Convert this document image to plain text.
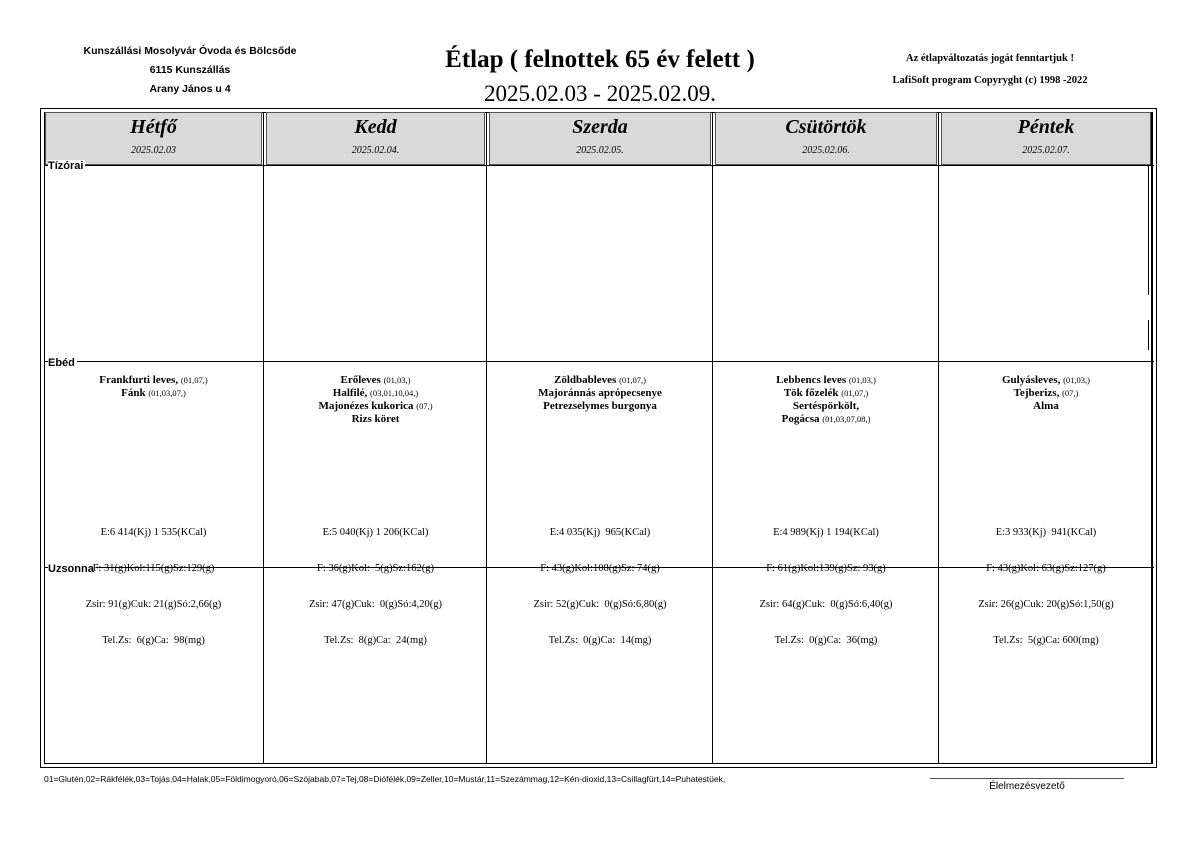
Kunszállási Mosolyvár Óvoda és Bölcsőde
6115 Kunszállás
Arany János u 4
Étlap ( felnottek 65 év felett )
2025.02.03 - 2025.02.09.
Az étlapváltozatás jogát fenntartjuk !
LafiSoft program Copyryght (c) 1998 -2022
Hétfő
2025.02.03
Kedd
2025.02.04.
Szerda
2025.02.05.
Csütörtök
2025.02.06.
Péntek
2025.02.07.
Tízórai
Ebéd
Uzsonna
Frankfurti leves, (01,07,)
Fánk (01,03,07,)
Erőleves (01,03,)
Halfilé, (03,01,10,04,)
Majonézes kukorica (07,)
Rizs köret
Zöldbableves (01,07,)
Majoránnás aprópecsenye
Petrezselymes burgonya
Lebbencs leves (01,03,)
Tök főzelék (01,07,)
Sertéspörkölt,
Pogácsa (01,03,07,08,)
Gulyásleves, (01,03,)
Tejberizs, (07,)
Alma

E:6 414(Kj) 1 535(KCal)

F: 31(g)Kol:115(g)Sz:129(g)

Zsir: 91(g)Cuk: 21(g)Só:2,66(g)

Tel.Zs:  6(g)Ca:  98(mg)

E:5 040(Kj) 1 206(KCal)

F: 36(g)Kol:  5(g)Sz:162(g)

Zsir: 47(g)Cuk:  0(g)Só:4,20(g)

Tel.Zs:  8(g)Ca:  24(mg)

E:4 035(Kj)  965(KCal)

F: 43(g)Kol:108(g)Sz: 74(g)

Zsir: 52(g)Cuk:  0(g)Só:6,80(g)

Tel.Zs:  0(g)Ca:  14(mg)

E:4 989(Kj) 1 194(KCal)

F: 61(g)Kol:139(g)Sz: 93(g)

Zsir: 64(g)Cuk:  0(g)Só:6,40(g)

Tel.Zs:  0(g)Ca:  36(mg)

E:3 933(Kj)  941(KCal)

F: 43(g)Kol: 63(g)Sz:127(g)

Zsir: 26(g)Cuk: 20(g)Só:1,50(g)

Tel.Zs:  5(g)Ca: 600(mg)

01=Glutén,02=Rákfélék,03=Tojás,04=Halak,05=Földimogyoró,06=Szójabab,07=Tej,08=Diófélék,09=Zeller,10=Mustár,11=Szezámmag,12=Kén-dioxid,13=Csillagfürt,14=Puhatestüek,
Élelmezésvezető
